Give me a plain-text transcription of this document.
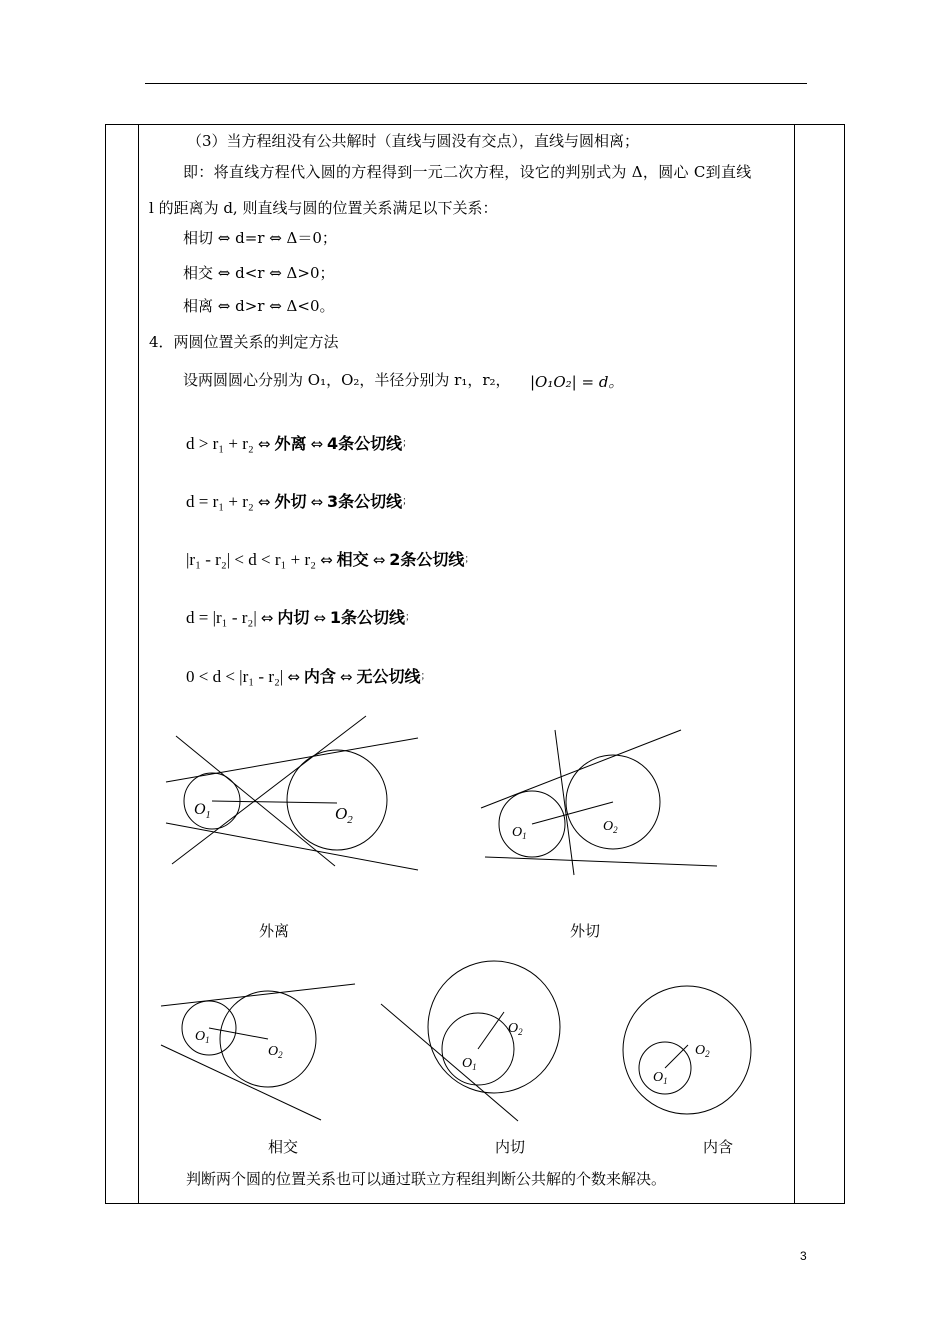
（3）当方程组没有公共解时（直线与圆没有交点），直线与圆相离；
即：将直线方程代入圆的方程得到一元二次方程，设它的判别式为 Δ，圆心 C到直线
l 的距离为 d, 则直线与圆的位置关系满足以下关系：
相切 ⇔ d=r ⇔ Δ＝0；
相交 ⇔ d<r ⇔ Δ>0；
相离 ⇔ d>r ⇔ Δ<0。
4．两圆位置关系的判定方法
设两圆圆心分别为 O₁，O₂，半径分别为 r₁，r₂， |O₁O₂| = d。
d > r₁ + r₂ ⇔ 外离 ⇔ 4条公切线；
d = r₁ + r₂ ⇔ 外切 ⇔ 3条公切线；
|r₁ - r₂| < d < r₁ + r₂ ⇔ 相交 ⇔ 2条公切线；
d = |r₁ - r₂| ⇔ 内切 ⇔ 1条公切线；
0 < d < |r₁ - r₂| ⇔ 内含 ⇔ 无公切线；
$O_1$	$O_2$
外离
$O_1$
$O_2$
外切
$O_1$
$O_2$
相交
$O_1$
$O_2$
内切
$O_1$
$O_2$
内含
判断两个圆的位置关系也可以通过联立方程组判断公共解的个数来解决。
3
